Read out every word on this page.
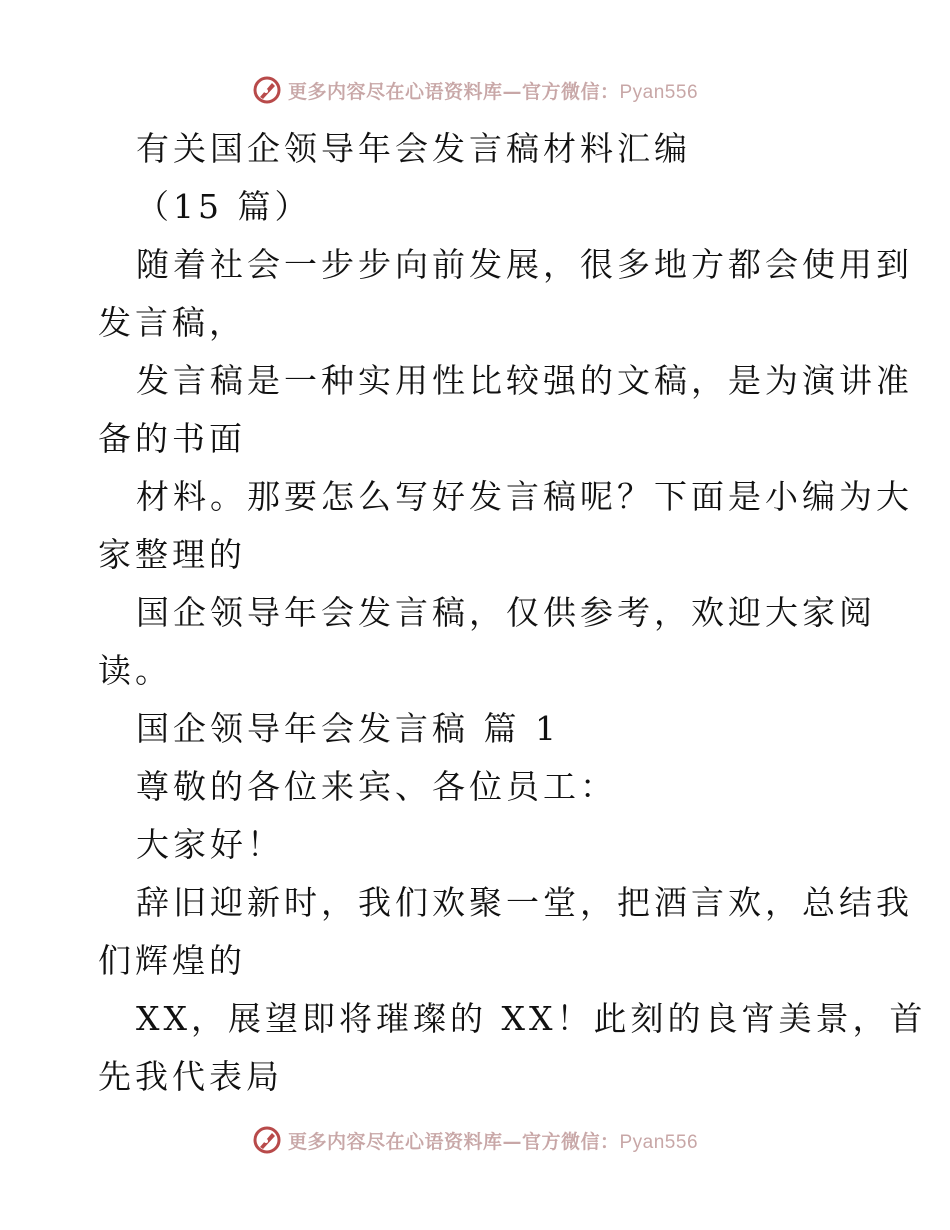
更多内容尽在心语资料库—官方微信：Pyan556
有关国企领导年会发言稿材料汇编
（15 篇）
随着社会一步步向前发展，很多地方都会使用到
发言稿，
发言稿是一种实用性比较强的文稿，是为演讲准
备的书面
材料。那要怎么写好发言稿呢？下面是小编为大
家整理的
国企领导年会发言稿，仅供参考，欢迎大家阅
读。
国企领导年会发言稿 篇 1
尊敬的各位来宾、各位员工：
大家好！
辞旧迎新时，我们欢聚一堂，把酒言欢，总结我
们辉煌的
XX，展望即将璀璨的 XX！此刻的良宵美景，首
先我代表局
更多内容尽在心语资料库—官方微信：Pyan556
